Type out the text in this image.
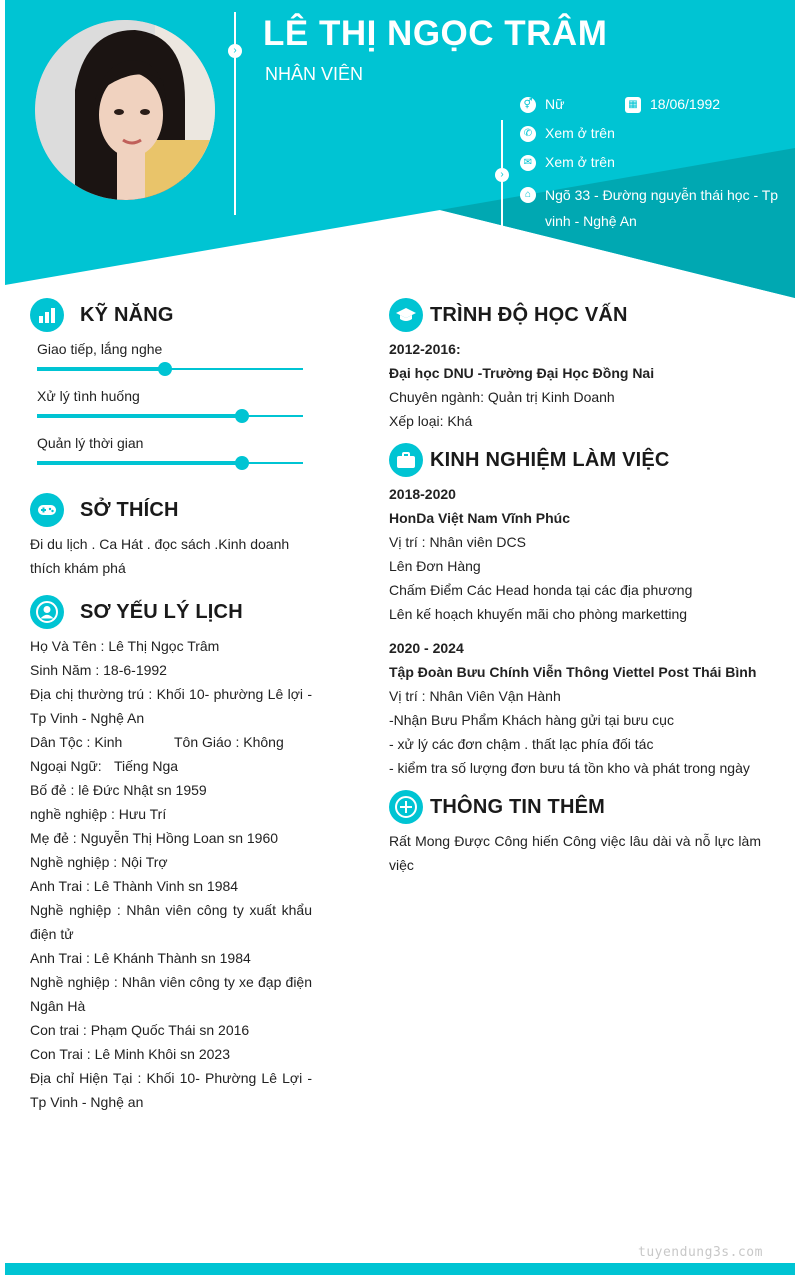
›
›
LÊ THỊ NGỌC TRÂM
NHÂN VIÊN
⚥ Nữ	▦ 18/06/1992
✆ Xem ở trên
✉ Xem ở trên
⌂ Ngõ 33 - Đường nguyễn thái học - Tp vinh - Nghệ An
KỸ NĂNG
Giao tiếp, lắng nghe
Xử lý tình huống
Quản lý thời gian
SỞ THÍCH
Đi du lịch . Ca Hát . đọc sách .Kinh doanh thích khám phá
SƠ YẾU LÝ LỊCH
Họ Và Tên : Lê Thị Ngọc Trâm
Sinh Năm : 18-6-1992
Địa chị thường trú : Khối 10- phường Lê lợi - Tp Vinh - Nghệ An
Dân Tộc : Kinh	Tôn Giáo : Không
Ngoại Ngữ: Tiếng Nga
Bố đẻ : lê Đức Nhật sn 1959
nghề nghiệp : Hưu Trí
Mẹ đẻ : Nguyễn Thị Hồng Loan sn 1960
Nghề nghiệp : Nội Trợ
Anh Trai : Lê Thành Vinh sn 1984
Nghề nghiệp : Nhân viên công ty xuất khẩu điện tử
Anh Trai : Lê Khánh Thành sn 1984
Nghề nghiệp : Nhân viên công ty xe đạp điện Ngân Hà
Con trai : Phạm Quốc Thái sn 2016
Con Trai : Lê Minh Khôi sn 2023
Địa chỉ Hiện Tại : Khối 10- Phường Lê Lợi - Tp Vinh - Nghệ an
TRÌNH ĐỘ HỌC VẤN
2012-2016:
Đại học DNU -Trường Đại Học Đồng Nai
Chuyên ngành: Quản trị Kinh Doanh
Xếp loại: Khá
KINH NGHIỆM LÀM VIỆC
2018-2020
HonDa Việt Nam Vĩnh Phúc
Vị trí : Nhân viên DCS
Lên Đơn Hàng
Chấm Điểm Các Head honda tại các địa phương
Lên kế hoạch khuyến mãi cho phòng marketting
2020 - 2024
Tập Đoàn Bưu Chính Viễn Thông Viettel Post Thái Bình
Vị trí : Nhân Viên Vận Hành
-Nhận Bưu Phẩm Khách hàng gửi tại bưu cục
- xử lý các đơn chậm . thất lạc phía đối tác
- kiểm tra số lượng đơn bưu tá tồn kho và phát trong ngày
THÔNG TIN THÊM
Rất Mong Được Công hiến Công việc lâu dài và nỗ lực làm việc
tuyendung3s.com
